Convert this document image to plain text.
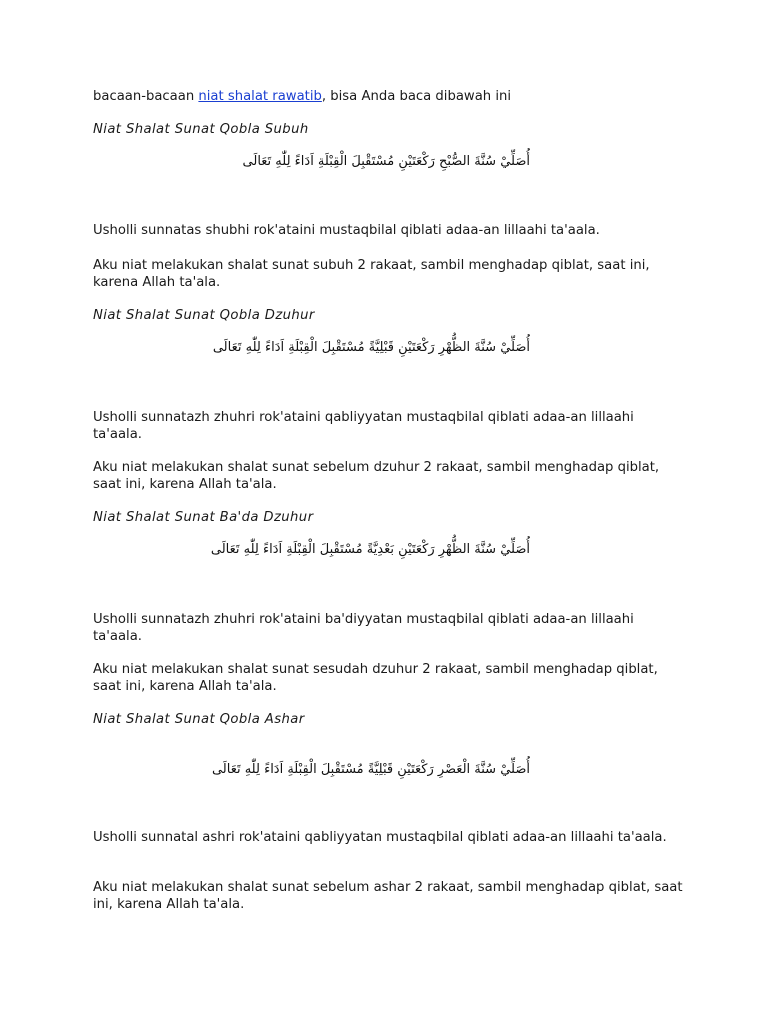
bacaan-bacaan niat shalat rawatib, bisa Anda baca dibawah ini

Niat Shalat Sunat Qobla Subuh

أُصَلِّيْ سُنَّةَ الصُّبْحِ رَكْعَتَيْنِ مُسْتَقْبِلَ الْقِبْلَةِ اَدَاءً لِلّٰهِ تَعَالَى

Usholli sunnatas shubhi rok'ataini mustaqbilal qiblati adaa-an lillaahi ta'aala.

Aku niat melakukan shalat sunat subuh 2 rakaat, sambil menghadap qiblat, saat ini, karena Allah ta'ala.

Niat Shalat Sunat Qobla Dzuhur

أُصَلِّيْ سُنَّةَ الظُّهْرِ رَكْعَتَيْنِ قَبْلِيَّةً مُسْتَقْبِلَ الْقِبْلَةِ اَدَاءً لِلّٰهِ تَعَالَى

Usholli sunnatazh zhuhri rok'ataini qabliyyatan mustaqbilal qiblati adaa-an lillaahi ta'aala.

Aku niat melakukan shalat sunat sebelum dzuhur 2 rakaat, sambil menghadap qiblat, saat ini, karena Allah ta'ala.

Niat Shalat Sunat Ba'da Dzuhur

أُصَلِّيْ سُنَّةَ الظُّهْرِ رَكْعَتَيْنِ بَعْدِيَّةً مُسْتَقْبِلَ الْقِبْلَةِ اَدَاءً لِلّٰهِ تَعَالَى

Usholli sunnatazh zhuhri rok'ataini ba'diyyatan mustaqbilal qiblati adaa-an lillaahi ta'aala.

Aku niat melakukan shalat sunat sesudah dzuhur 2 rakaat, sambil menghadap qiblat, saat ini, karena Allah ta'ala.

Niat Shalat Sunat Qobla Ashar

أُصَلِّيْ سُنَّةَ الْعَصْرِ رَكْعَتَيْنِ قَبْلِيَّةً مُسْتَقْبِلَ الْقِبْلَةِ اَدَاءً لِلّٰهِ تَعَالَى

Usholli sunnatal ashri rok'ataini qabliyyatan mustaqbilal qiblati adaa-an lillaahi ta'aala.

Aku niat melakukan shalat sunat sebelum ashar 2 rakaat, sambil menghadap qiblat, saat ini, karena Allah ta'ala.
